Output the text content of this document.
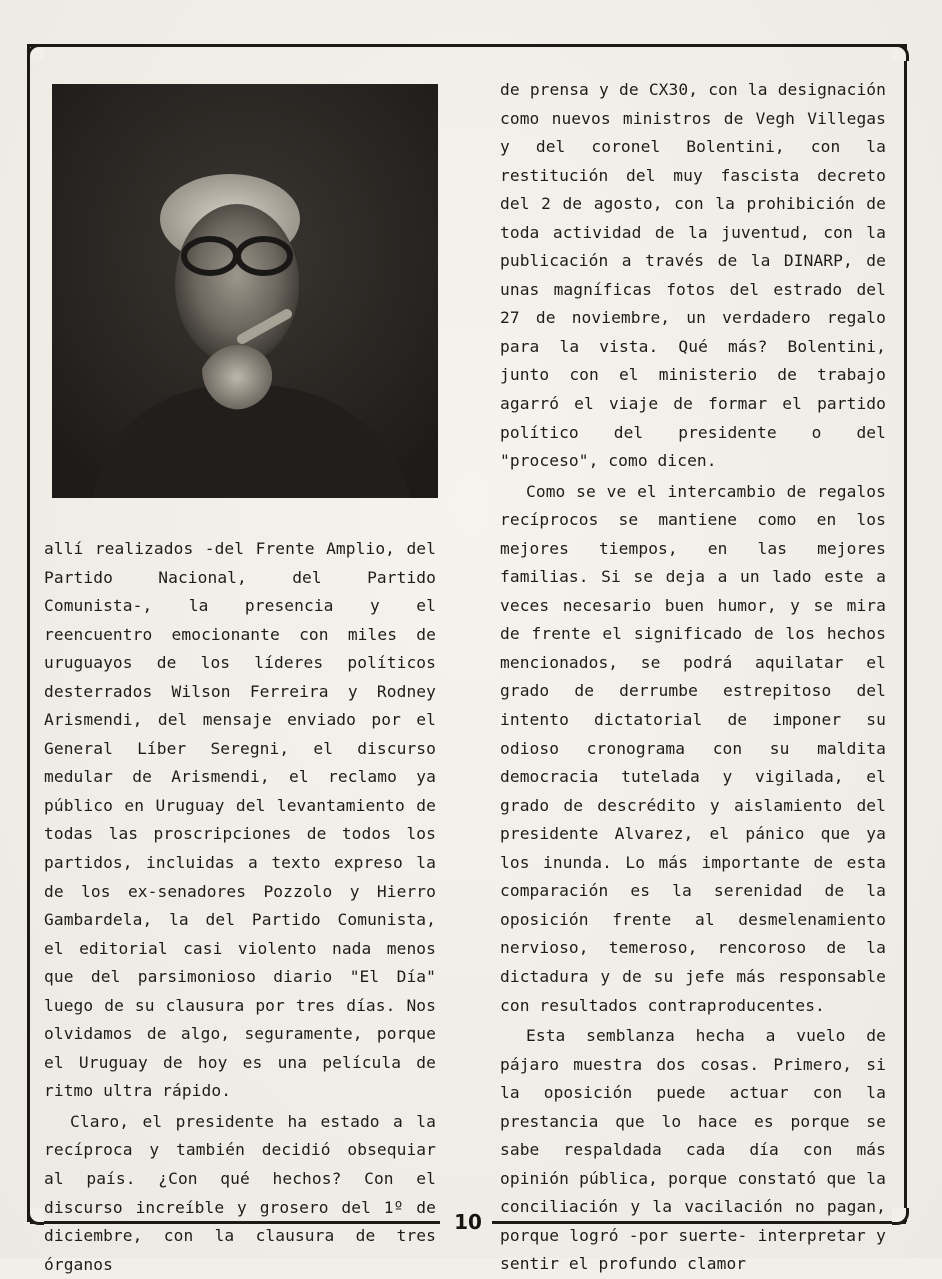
10

allí realizados -del Frente Amplio, del Partido Nacional, del Partido Comunista-, la presencia y el reencuentro emocionante con miles de uruguayos de los líderes políticos desterrados Wilson Ferreira y Rodney Arismendi, del mensaje enviado por el General Líber Seregni, el discurso medular de Arismendi, el reclamo ya público en Uruguay del levantamiento de todas las proscripciones de todos los partidos, incluidas a texto expreso la de los ex-senadores Pozzolo y Hierro Gambardela, la del Partido Comunista, el editorial casi violento nada menos que del parsimonioso diario "El Día" luego de su clausura por tres días. Nos olvidamos de algo, seguramente, porque el Uruguay de hoy es una película de ritmo ultra rápido.

Claro, el presidente ha estado a la recíproca y también decidió obsequiar al país. ¿Con qué hechos? Con el discurso increíble y grosero del 1º de diciembre, con la clausura de tres órganos

de prensa y de CX30, con la designación como nuevos ministros de Vegh Villegas y del coronel Bolentini, con la restitución del muy fascista decreto del 2 de agosto, con la prohibición de toda actividad de la juventud, con la publicación a través de la DINARP, de unas magníficas fotos del estrado del 27 de noviembre, un verdadero regalo para la vista. Qué más? Bolentini, junto con el ministerio de trabajo agarró el viaje de formar el partido político del presidente o del "proceso", como dicen.

Como se ve el intercambio de regalos recíprocos se mantiene como en los mejores tiempos, en las mejores familias. Si se deja a un lado este a veces necesario buen humor, y se mira de frente el significado de los hechos mencionados, se podrá aquilatar el grado de derrumbe estrepitoso del intento dictatorial de imponer su odioso cronograma con su maldita democracia tutelada y vigilada, el grado de descrédito y aislamiento del presidente Alvarez, el pánico que ya los inunda. Lo más importante de esta comparación es la serenidad de la oposición frente al desmelenamiento nervioso, temeroso, rencoroso de la dictadura y de su jefe más responsable con resultados contraproducentes.

Esta semblanza hecha a vuelo de pájaro muestra dos cosas. Primero, si la oposición puede actuar con la prestancia que lo hace es porque se sabe respaldada cada día con más opinión pública, porque constató que la conciliación y la vacilación no pagan, porque logró -por suerte- interpretar y sentir el profundo clamor
